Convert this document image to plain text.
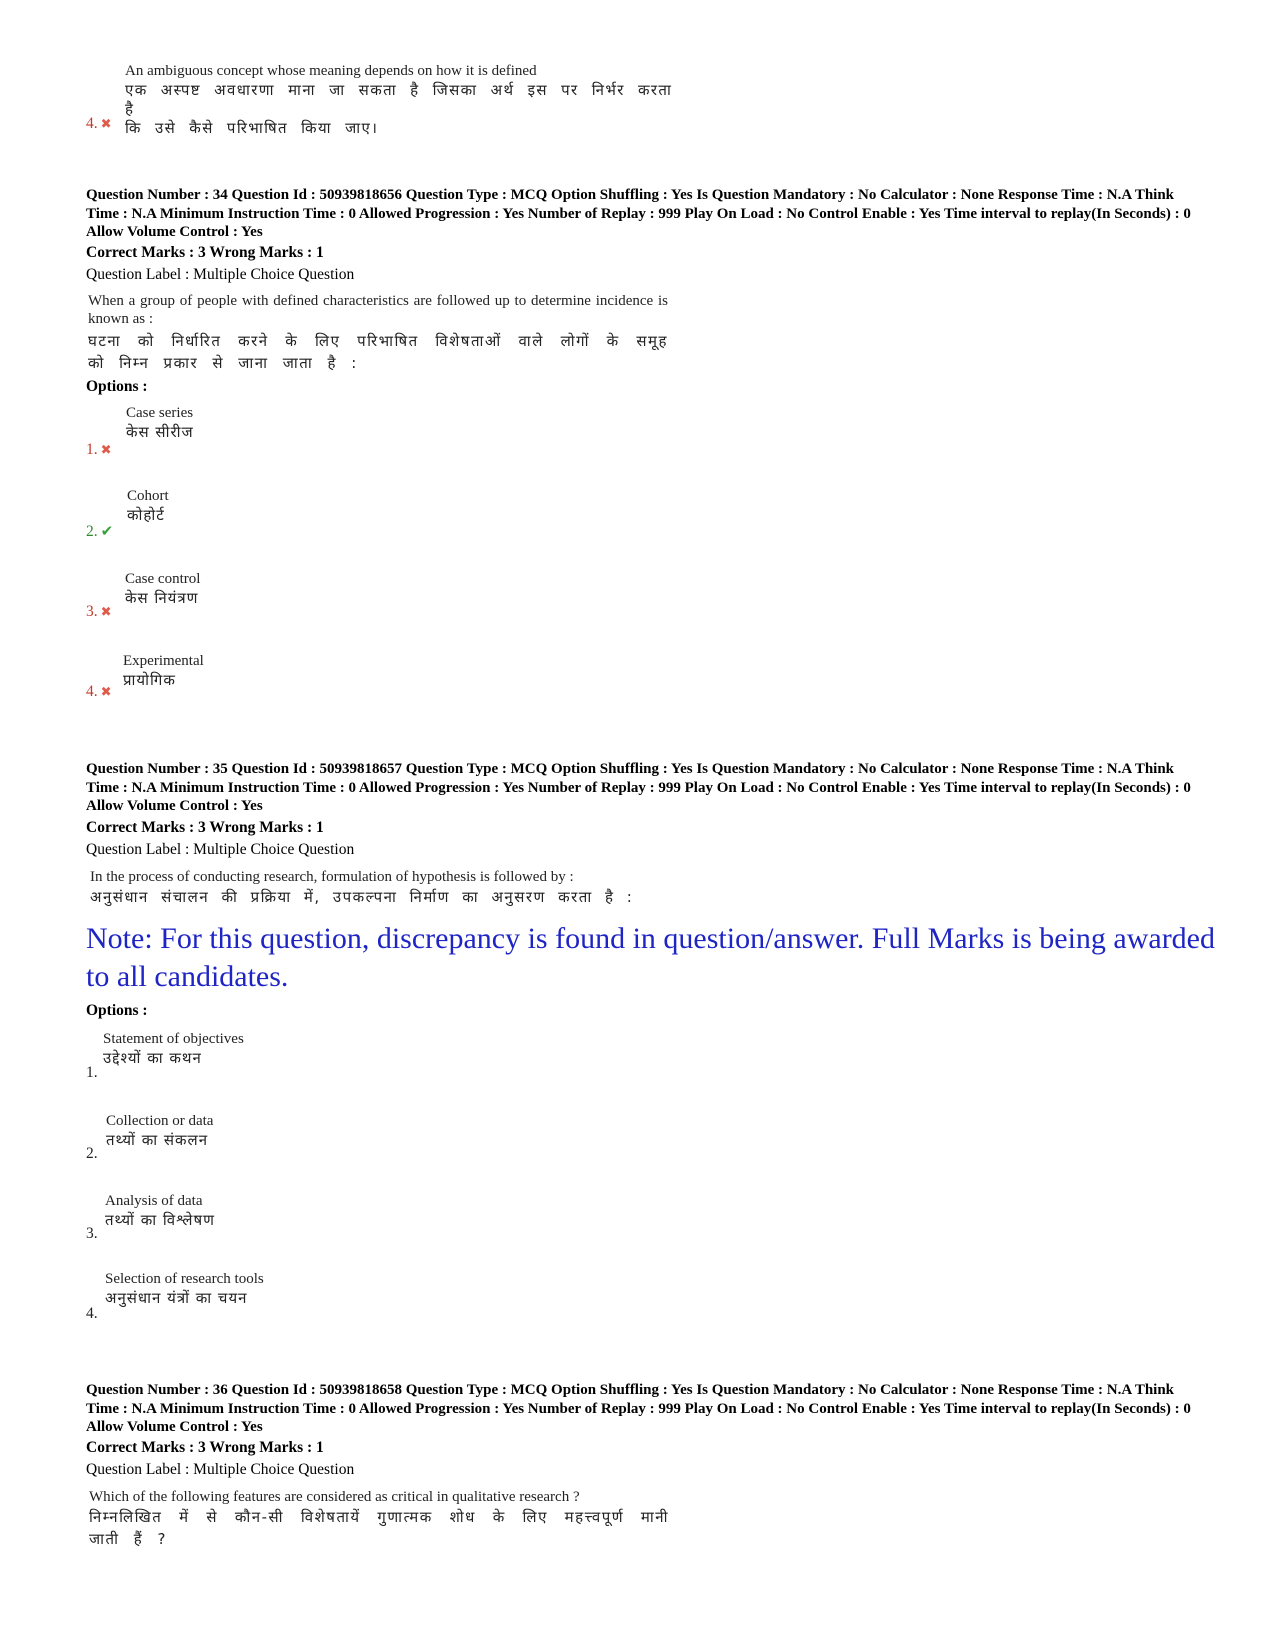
An ambiguous concept whose meaning depends on how it is defined
एक अस्पष्ट अवधारणा माना जा सकता है जिसका अर्थ इस पर निर्भर करता है
कि उसे कैसे परिभाषित किया जाए।
4. ✖
Question Number : 34 Question Id : 50939818656 Question Type : MCQ Option Shuffling : Yes Is Question Mandatory : No Calculator : None Response Time : N.A Think Time : N.A Minimum Instruction Time : 0 Allowed Progression : Yes Number of Replay : 999 Play On Load : No Control Enable : Yes Time interval to replay(In Seconds) : 0 Allow Volume Control : Yes
Correct Marks : 3 Wrong Marks : 1
Question Label : Multiple Choice Question
When a group of people with defined characteristics are followed up to determine incidence is known as :
घटना को निर्धारित करने के लिए परिभाषित विशेषताओं वाले लोगों के समूह को निम्न प्रकार से जाना जाता है :
Options :
Case series
केस सीरीज
1. ✖
Cohort
कोहोर्ट
2. ✔
Case control
केस नियंत्रण
3. ✖
Experimental
प्रायोगिक
4. ✖
Question Number : 35 Question Id : 50939818657 Question Type : MCQ Option Shuffling : Yes Is Question Mandatory : No Calculator : None Response Time : N.A Think Time : N.A Minimum Instruction Time : 0 Allowed Progression : Yes Number of Replay : 999 Play On Load : No Control Enable : Yes Time interval to replay(In Seconds) : 0 Allow Volume Control : Yes
Correct Marks : 3 Wrong Marks : 1
Question Label : Multiple Choice Question
In the process of conducting research, formulation of hypothesis is followed by :
अनुसंधान संचालन की प्रक्रिया में, उपकल्पना निर्माण का अनुसरण करता है :
Note: For this question, discrepancy is found in question/answer. Full Marks is being awarded to all candidates.
Options :
Statement of objectives
उद्देश्यों का कथन
1.
Collection or data
तथ्यों का संकलन
2.
Analysis of data
तथ्यों का विश्लेषण
3.
Selection of research tools
अनुसंधान यंत्रों का चयन
4.
Question Number : 36 Question Id : 50939818658 Question Type : MCQ Option Shuffling : Yes Is Question Mandatory : No Calculator : None Response Time : N.A Think Time : N.A Minimum Instruction Time : 0 Allowed Progression : Yes Number of Replay : 999 Play On Load : No Control Enable : Yes Time interval to replay(In Seconds) : 0 Allow Volume Control : Yes
Correct Marks : 3 Wrong Marks : 1
Question Label : Multiple Choice Question
Which of the following features are considered as critical in qualitative research ?
निम्नलिखित में से कौन-सी विशेषतायें गुणात्मक शोध के लिए महत्त्वपूर्ण मानी जाती हैं ?
